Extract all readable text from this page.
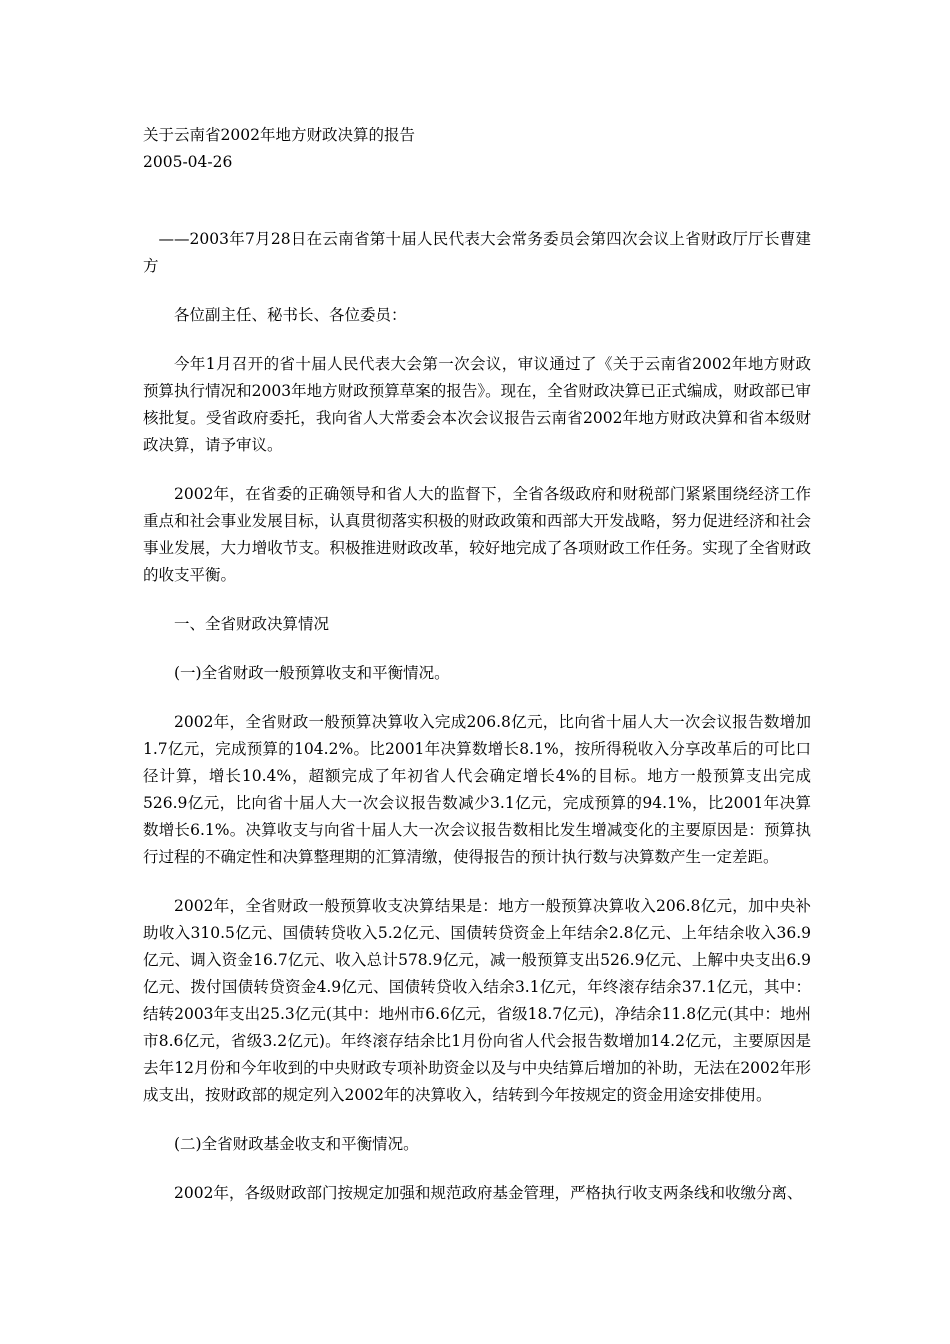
关于云南省2002年地方财政决算的报告
2005-04-26

——2003年7月28日在云南省第十届人民代表大会常务委员会第四次会议上省财政厅厅长曹建方

各位副主任、秘书长、各位委员：

今年1月召开的省十届人民代表大会第一次会议，审议通过了《关于云南省2002年地方财政预算执行情况和2003年地方财政预算草案的报告》。现在，全省财政决算已正式编成，财政部已审核批复。受省政府委托，我向省人大常委会本次会议报告云南省2002年地方财政决算和省本级财政决算，请予审议。

2002年，在省委的正确领导和省人大的监督下，全省各级政府和财税部门紧紧围绕经济工作重点和社会事业发展目标，认真贯彻落实积极的财政政策和西部大开发战略，努力促进经济和社会事业发展，大力增收节支。积极推进财政改革，较好地完成了各项财政工作任务。实现了全省财政的收支平衡。

一、全省财政决算情况

(一)全省财政一般预算收支和平衡情况。

2002年，全省财政一般预算决算收入完成206.8亿元，比向省十届人大一次会议报告数增加1.7亿元，完成预算的104.2%。比2001年决算数增长8.1%，按所得税收入分享改革后的可比口径计算，增长10.4%，超额完成了年初省人代会确定增长4%的目标。地方一般预算支出完成526.9亿元，比向省十届人大一次会议报告数减少3.1亿元，完成预算的94.1%，比2001年决算数增长6.1%。决算收支与向省十届人大一次会议报告数相比发生增减变化的主要原因是：预算执行过程的不确定性和决算整理期的汇算清缴，使得报告的预计执行数与决算数产生一定差距。

2002年，全省财政一般预算收支决算结果是：地方一般预算决算收入206.8亿元，加中央补助收入310.5亿元、国债转贷收入5.2亿元、国债转贷资金上年结余2.8亿元、上年结余收入36.9亿元、调入资金16.7亿元、收入总计578.9亿元，减一般预算支出526.9亿元、上解中央支出6.9亿元、拨付国债转贷资金4.9亿元、国债转贷收入结余3.1亿元，年终滚存结余37.1亿元，其中：结转2003年支出25.3亿元(其中：地州市6.6亿元，省级18.7亿元)，净结余11.8亿元(其中：地州市8.6亿元，省级3.2亿元)。年终滚存结余比1月份向省人代会报告数增加14.2亿元，主要原因是去年12月份和今年收到的中央财政专项补助资金以及与中央结算后增加的补助，无法在2002年形成支出，按财政部的规定列入2002年的决算收入，结转到今年按规定的资金用途安排使用。

(二)全省财政基金收支和平衡情况。

2002年，各级财政部门按规定加强和规范政府基金管理，严格执行收支两条线和收缴分离、
